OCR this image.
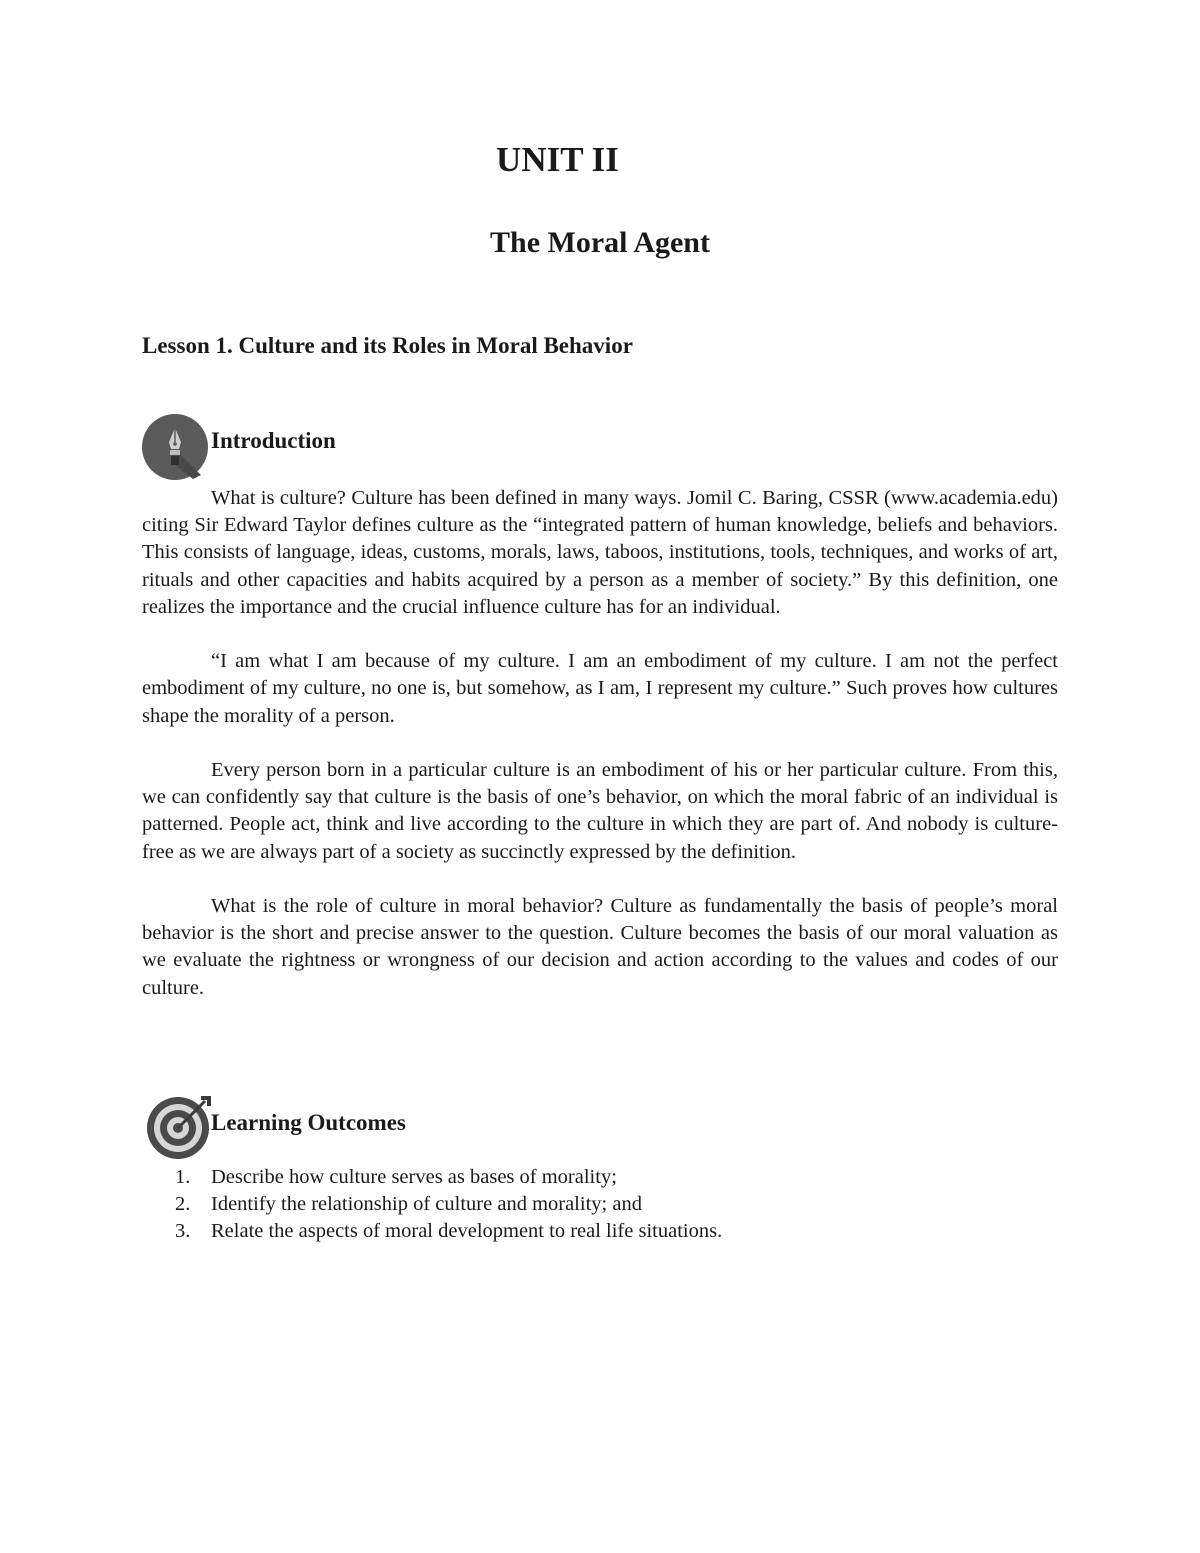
UNIT II
The Moral Agent
Lesson 1. Culture and its Roles in Moral Behavior
Introduction

What is culture? Culture has been defined in many ways. Jomil C. Baring, CSSR (www.academia.edu) citing Sir Edward Taylor defines culture as the “integrated pattern of human knowledge, beliefs and behaviors. This consists of language, ideas, customs, morals, laws, taboos, institutions, tools, techniques, and works of art, rituals and other capacities and habits acquired by a person as a member of society.” By this definition, one realizes the importance and the crucial influence culture has for an individual.

“I am what I am because of my culture. I am an embodiment of my culture. I am not the perfect embodiment of my culture, no one is, but somehow, as I am, I represent my culture.” Such proves how cultures shape the morality of a person.

Every person born in a particular culture is an embodiment of his or her particular culture. From this, we can confidently say that culture is the basis of one’s behavior, on which the moral fabric of an individual is patterned. People act, think and live according to the culture in which they are part of. And nobody is culture-free as we are always part of a society as succinctly expressed by the definition.

What is the role of culture in moral behavior? Culture as fundamentally the basis of people’s moral behavior is the short and precise answer to the question. Culture becomes the basis of our moral valuation as we evaluate the rightness or wrongness of our decision and action according to the values and codes of our culture.

Learning Outcomes
1. Describe how culture serves as bases of morality;
2. Identify the relationship of culture and morality; and
3. Relate the aspects of moral development to real life situations.
